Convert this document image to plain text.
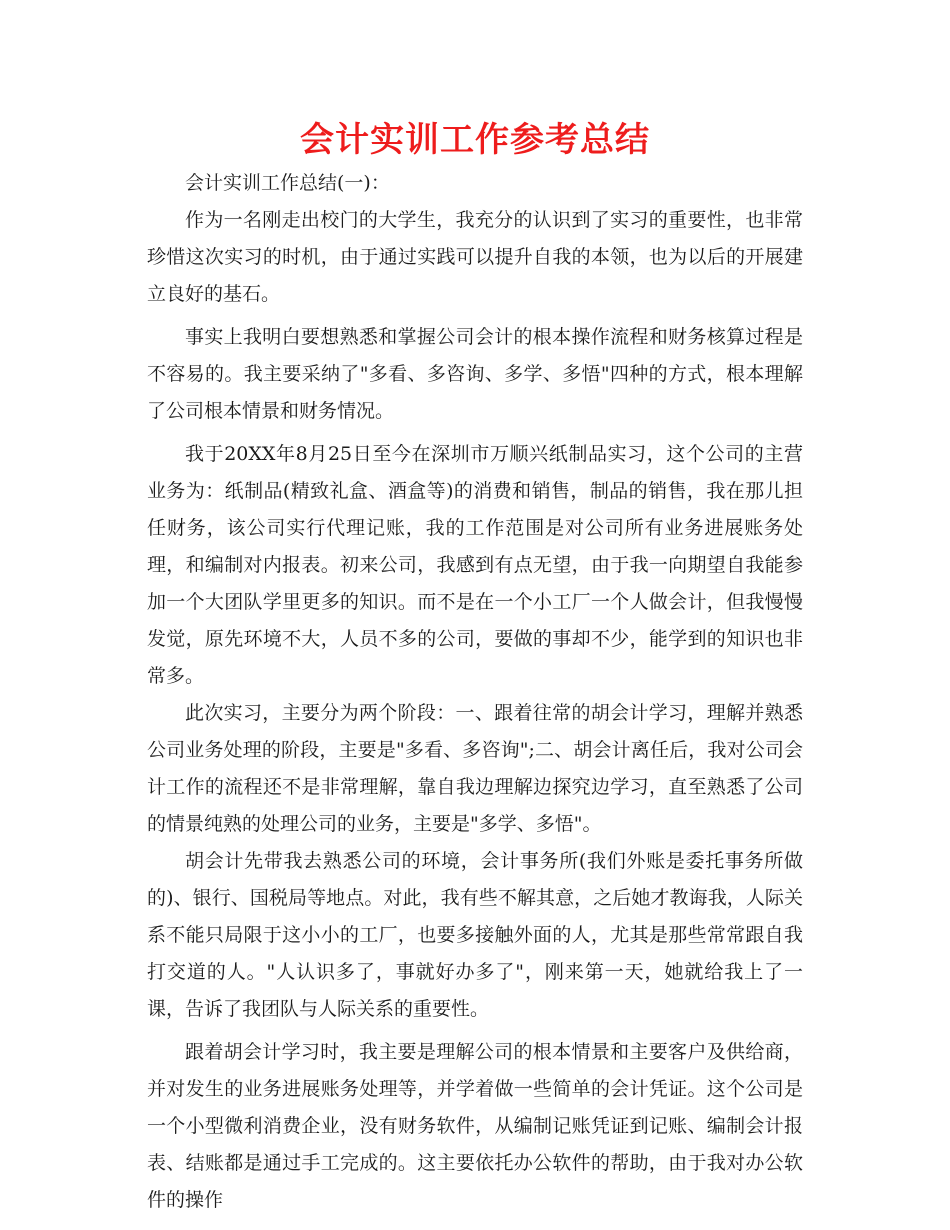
会计实训工作参考总结

会计实训工作总结(一)：

作为一名刚走出校门的大学生，我充分的认识到了实习的重要性，也非常珍惜这次实习的时机，由于通过实践可以提升自我的本领，也为以后的开展建立良好的基石。

事实上我明白要想熟悉和掌握公司会计的根本操作流程和财务核算过程是不容易的。我主要采纳了"多看、多咨询、多学、多悟"四种的方式，根本理解了公司根本情景和财务情况。

我于20XX年8月25日至今在深圳市万顺兴纸制品实习，这个公司的主营业务为：纸制品(精致礼盒、酒盒等)的消费和销售，制品的销售，我在那儿担任财务，该公司实行代理记账，我的工作范围是对公司所有业务进展账务处理，和编制对内报表。初来公司，我感到有点无望，由于我一向期望自我能参加一个大团队学里更多的知识。而不是在一个小工厂一个人做会计，但我慢慢发觉，原先环境不大，人员不多的公司，要做的事却不少，能学到的知识也非常多。

此次实习，主要分为两个阶段：一、跟着往常的胡会计学习，理解并熟悉公司业务处理的阶段，主要是"多看、多咨询";二、胡会计离任后，我对公司会计工作的流程还不是非常理解，靠自我边理解边探究边学习，直至熟悉了公司的情景纯熟的处理公司的业务，主要是"多学、多悟"。

胡会计先带我去熟悉公司的环境，会计事务所(我们外账是委托事务所做的)、银行、国税局等地点。对此，我有些不解其意，之后她才教诲我，人际关系不能只局限于这小小的工厂，也要多接触外面的人，尤其是那些常常跟自我打交道的人。"人认识多了，事就好办多了"，刚来第一天，她就给我上了一课，告诉了我团队与人际关系的重要性。

跟着胡会计学习时，我主要是理解公司的根本情景和主要客户及供给商，并对发生的业务进展账务处理等，并学着做一些简单的会计凭证。这个公司是一个小型微利消费企业，没有财务软件，从编制记账凭证到记账、编制会计报表、结账都是通过手工完成的。这主要依托办公软件的帮助，由于我对办公软件的操作
